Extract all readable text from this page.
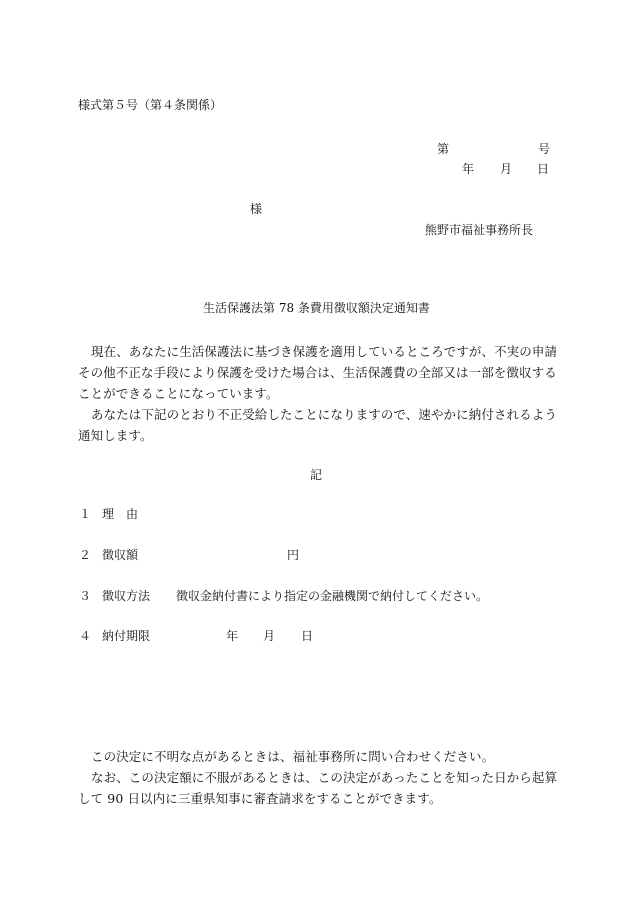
様式第５号（第４条関係）
第	号
年 月 日
様
熊野市福祉事務所長
生活保護法第 78 条費用徴収額決定通知書
現在、あなたに生活保護法に基づき保護を適用しているところですが、不実の申請その他不正な手段により保護を受けた場合は、生活保護費の全部又は一部を徴収することができることになっています。
あなたは下記のとおり不正受給したことになりますので、速やかに納付されるよう通知します。
記
１ 理　由
２ 徴収額	円
３ 徴収方法 徴収金納付書により指定の金融機関で納付してください。
４ 納付期限	年 月 日
この決定に不明な点があるときは、福祉事務所に問い合わせください。
なお、この決定額に不服があるときは、この決定があったことを知った日から起算して 90 日以内に三重県知事に審査請求をすることができます。
